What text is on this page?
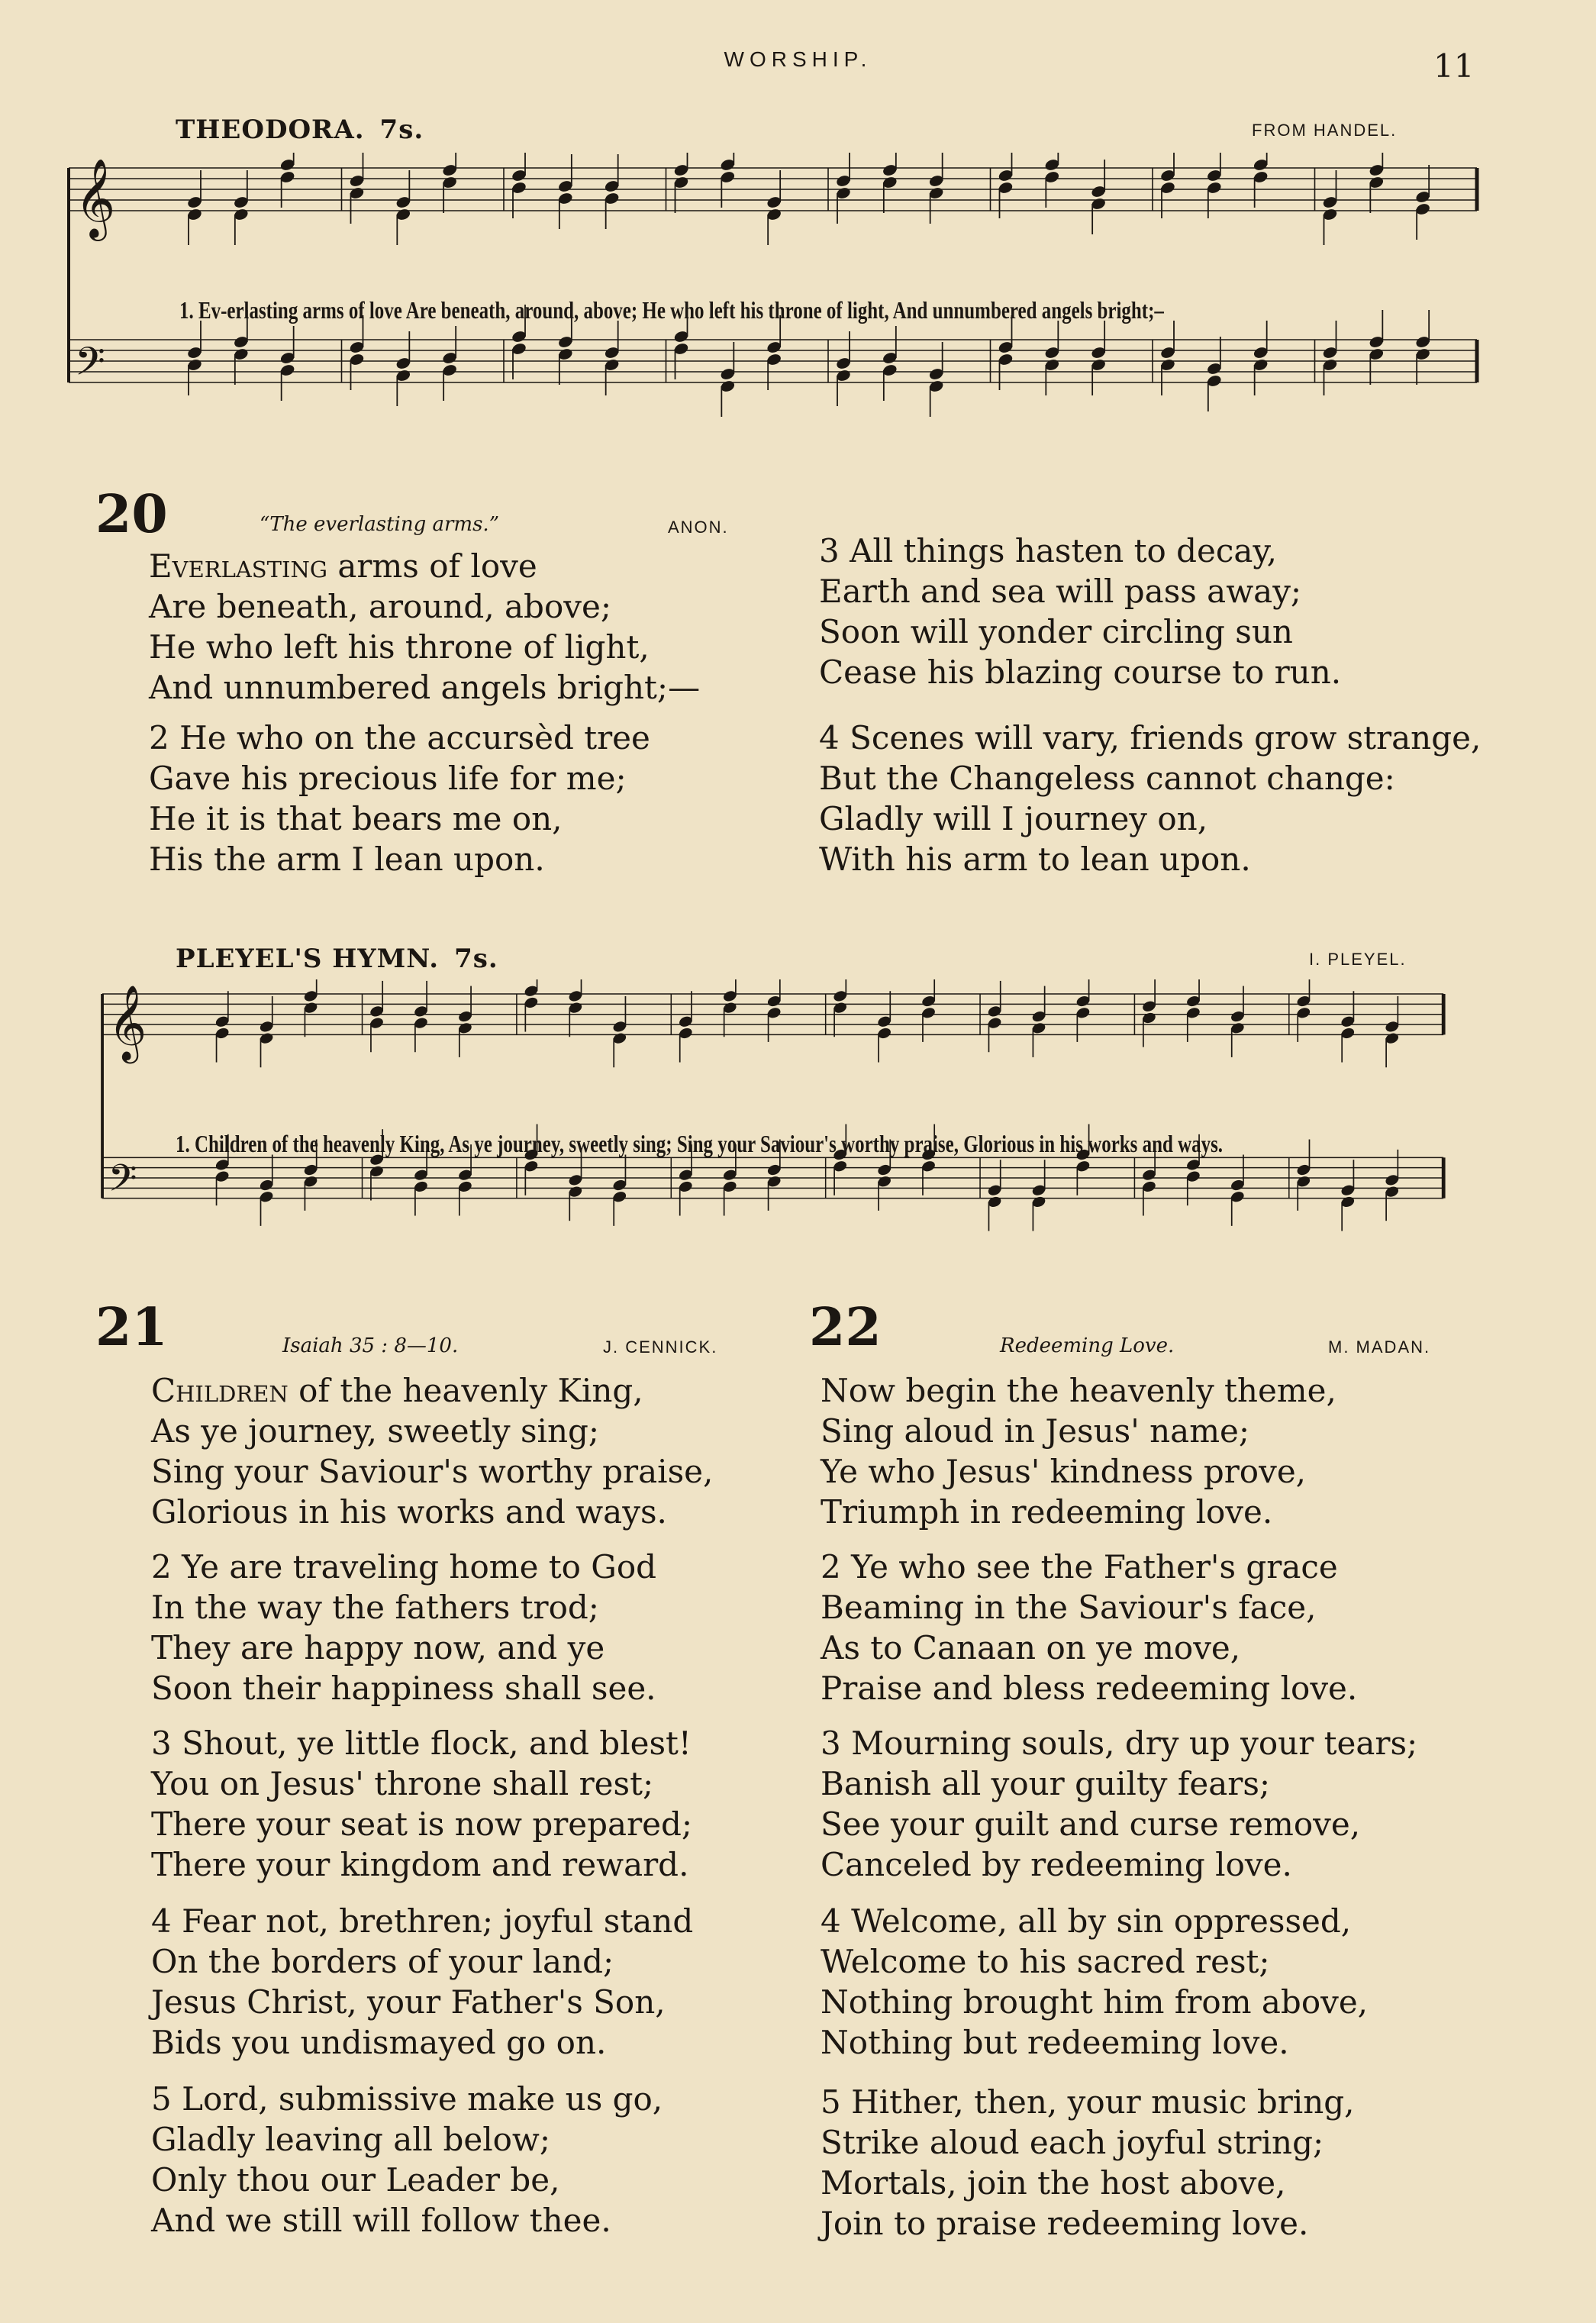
WORSHIP.	11
THEODORA. 7s.	FROM HANDEL.
𝄞
𝄢
1. Ev-erlasting arms of love Are beneath, around, above; He who left his throne of light, And unnumbered angels bright;–
20	“The everlasting arms.”	ANON.
Everlasting arms of love
Are beneath, around, above;
He who left his throne of light,
And unnumbered angels bright;—
2 He who on the accursèd tree
Gave his precious life for me;
He it is that bears me on,
His the arm I lean upon.
3 All things hasten to decay,
Earth and sea will pass away;
Soon will yonder circling sun
Cease his blazing course to run.
4 Scenes will vary, friends grow strange,
But the Changeless cannot change:
Gladly will I journey on,
With his arm to lean upon.
PLEYEL'S HYMN. 7s.	I. PLEYEL.
𝄞
𝄢
1. Children of the heavenly King, As ye journey, sweetly sing; Sing your Saviour's worthy praise, Glorious in his works and ways.
21	Isaiah 35 : 8—10.	J. CENNICK.
Children of the heavenly King,
As ye journey, sweetly sing;
Sing your Saviour's worthy praise,
Glorious in his works and ways.
2 Ye are traveling home to God
In the way the fathers trod;
They are happy now, and ye
Soon their happiness shall see.
3 Shout, ye little flock, and blest!
You on Jesus' throne shall rest;
There your seat is now prepared;
There your kingdom and reward.
4 Fear not, brethren; joyful stand
On the borders of your land;
Jesus Christ, your Father's Son,
Bids you undismayed go on.
5 Lord, submissive make us go,
Gladly leaving all below;
Only thou our Leader be,
And we still will follow thee.
22	Redeeming Love.	M. MADAN.
Now begin the heavenly theme,
Sing aloud in Jesus' name;
Ye who Jesus' kindness prove,
Triumph in redeeming love.
2 Ye who see the Father's grace
Beaming in the Saviour's face,
As to Canaan on ye move,
Praise and bless redeeming love.
3 Mourning souls, dry up your tears;
Banish all your guilty fears;
See your guilt and curse remove,
Canceled by redeeming love.
4 Welcome, all by sin oppressed,
Welcome to his sacred rest;
Nothing brought him from above,
Nothing but redeeming love.
5 Hither, then, your music bring,
Strike aloud each joyful string;
Mortals, join the host above,
Join to praise redeeming love.
